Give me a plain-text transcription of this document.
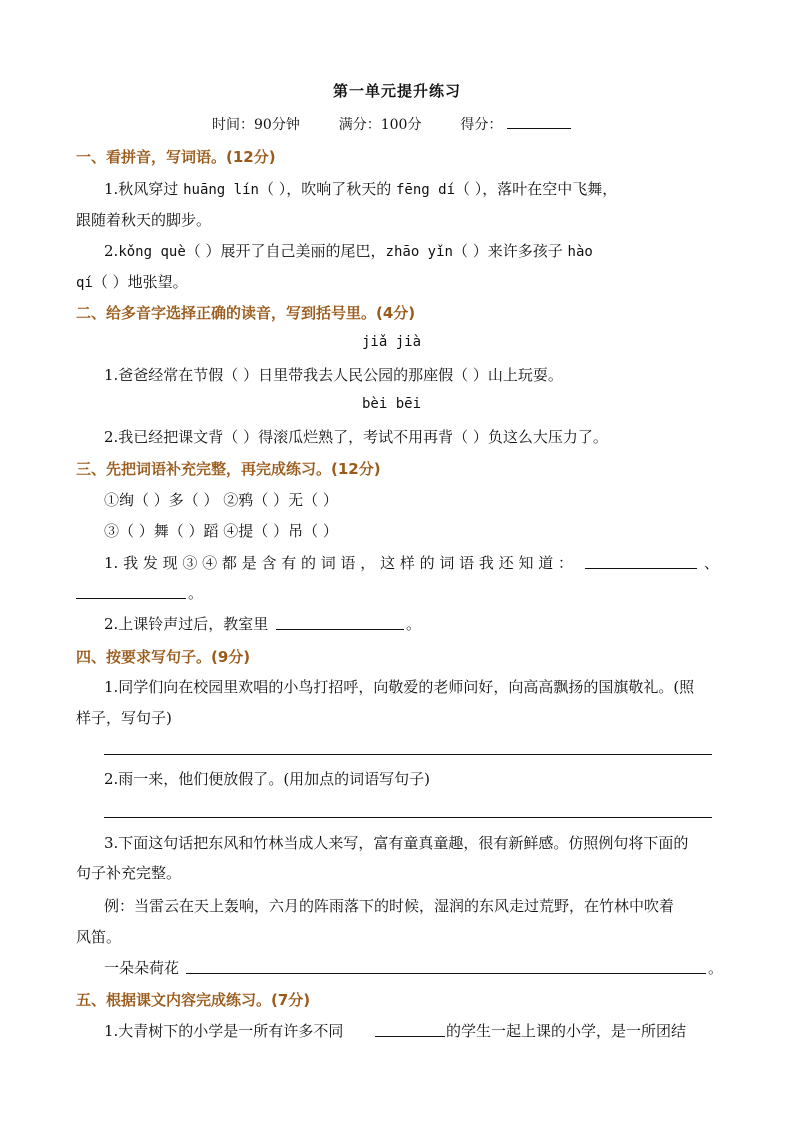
第一单元提升练习
时间：90分钟	满分：100分	得分：
一、看拼音，写词语。(12分)
1.秋风穿过 huāng lín（ ），吹响了秋天的 fēng dí（ ），落叶在空中飞舞，
跟随着秋天的脚步。
2.kǒng què（ ）展开了自己美丽的尾巴，zhāo yǐn（ ）来许多孩子 hào
qí（ ）地张望。
二、给多音字选择正确的读音，写到括号里。(4分)
jiǎ jià
1.爸爸经常在节假（ ）日里带我去人民公园的那座假（ ）山上玩耍。
bèi bēi
2.我已经把课文背（ ）得滚瓜烂熟了，考试不用再背（ ）负这么大压力了。
三、先把词语补充完整，再完成练习。(12分)
①绚（ ）多（ ） ②鸦（ ）无（ ）
③（ ）舞（ ）蹈 ④提（ ）吊（ ）
1. 我 发 现 ③ ④ 都 是 含 有 的 词 语 ， 这 样 的 词 语 我 还 知 道 ：	、
。
2.上课铃声过后，教室里	。
四、按要求写句子。(9分)
1.同学们向在校园里欢唱的小鸟打招呼，向敬爱的老师问好，向高高飘扬的国旗敬礼。(照
样子，写句子)
2.雨一来，他们便放假了。(用加点的词语写句子)
3.下面这句话把东风和竹林当成人来写，富有童真童趣，很有新鲜感。仿照例句将下面的
句子补充完整。
例：当雷云在天上轰响，六月的阵雨落下的时候，湿润的东风走过荒野，在竹林中吹着
风笛。
一朵朵荷花	。
五、根据课文内容完成练习。(7分)
1.大青树下的小学是一所有许多不同	的学生一起上课的小学，是一所团结
